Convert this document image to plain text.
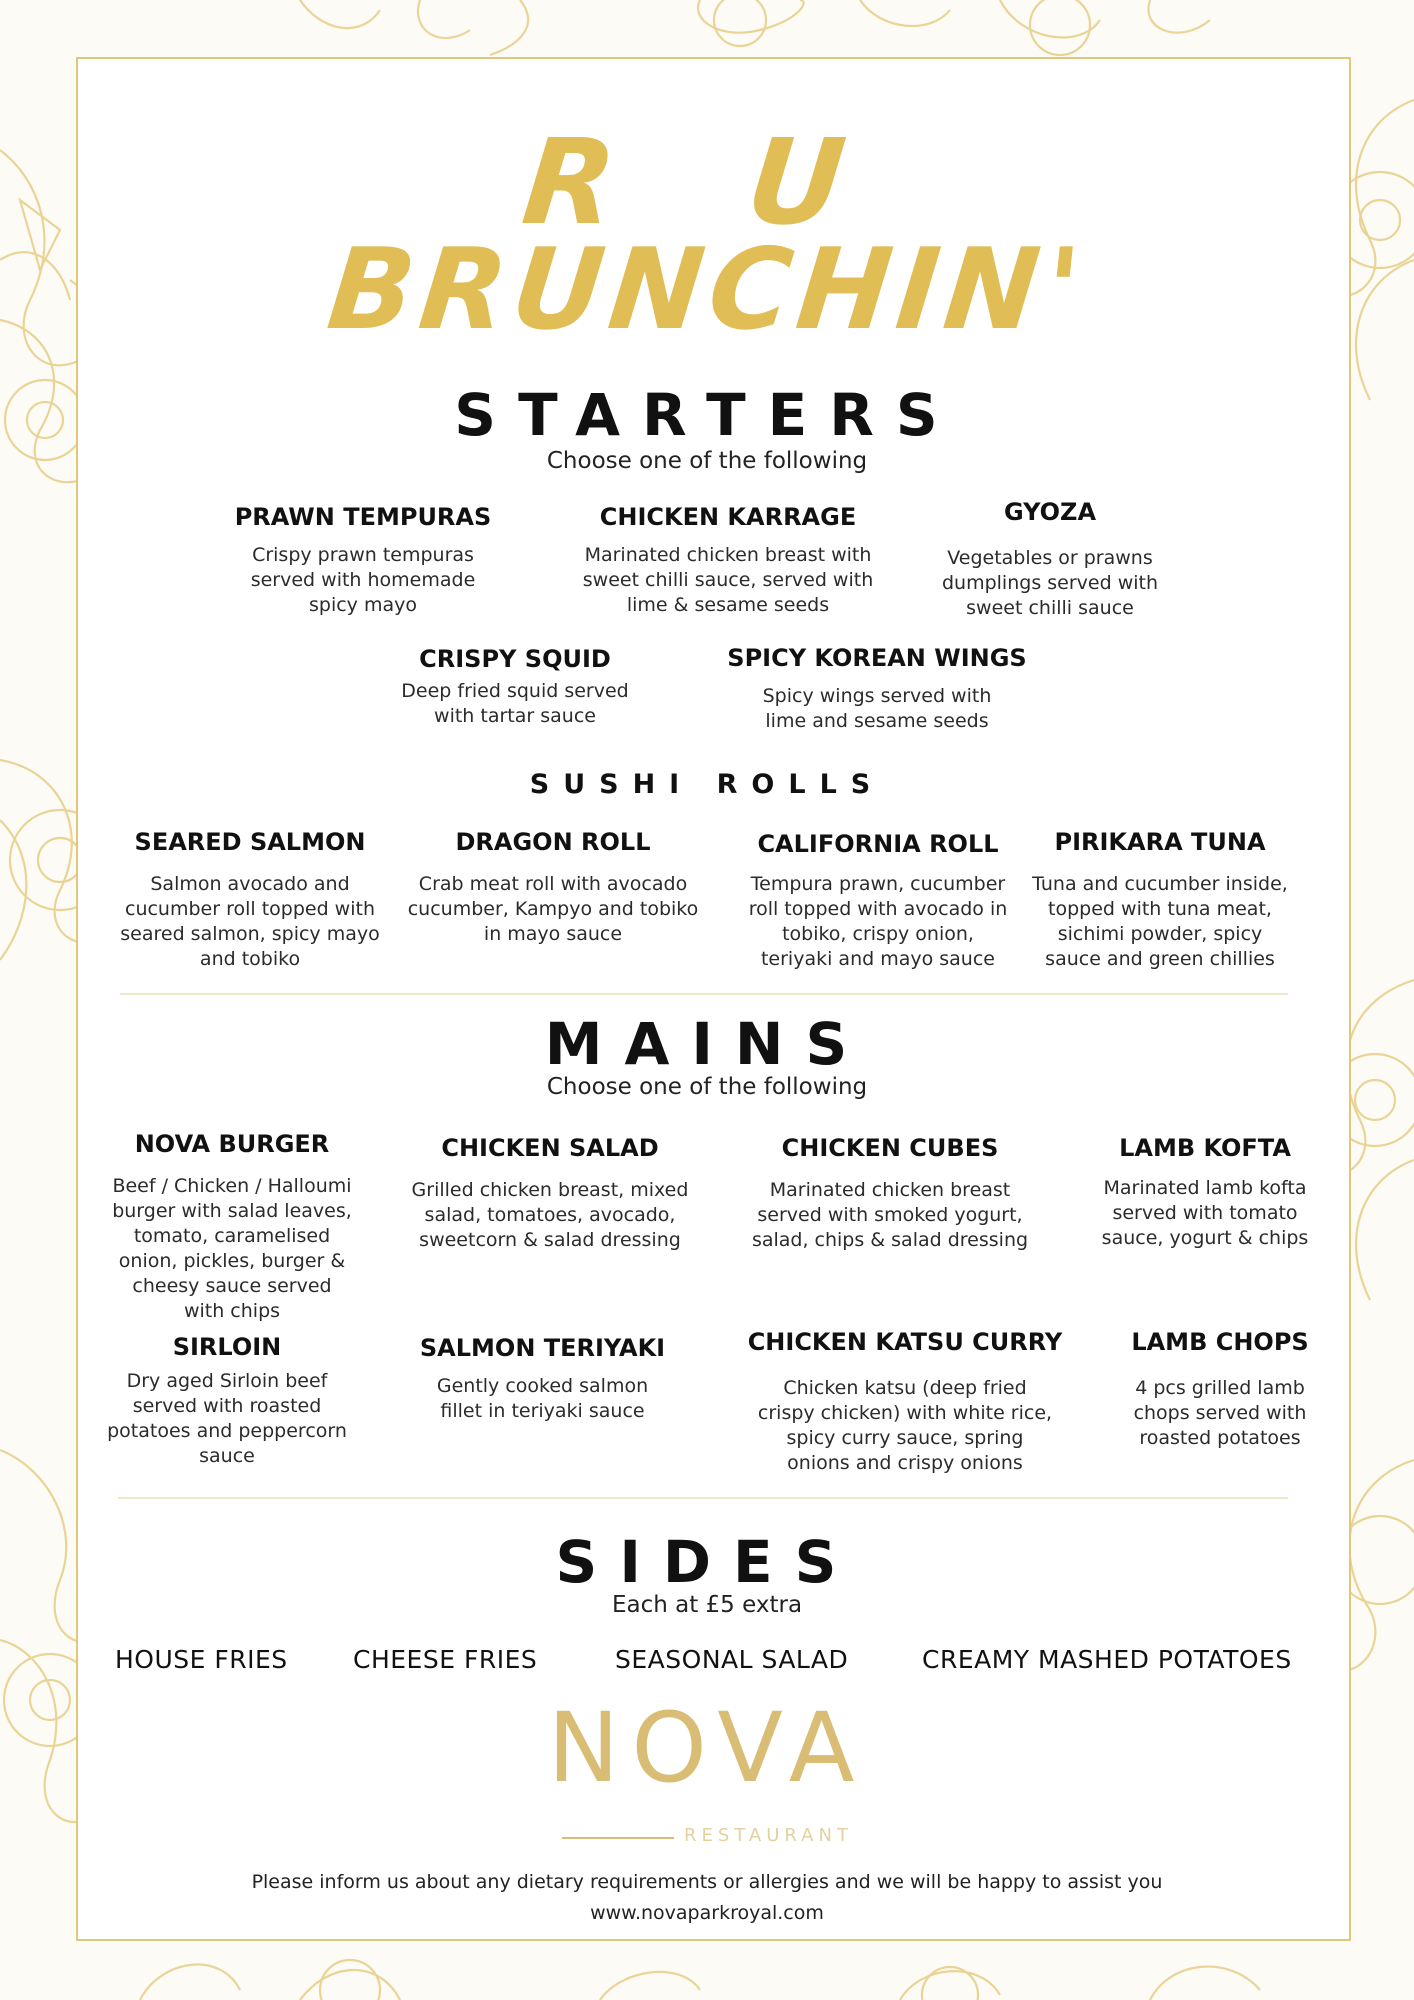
R U
BRUNCHIN'
STARTERS
Choose one of the following
PRAWN TEMPURAS
Crispy prawn tempuras served with homemade spicy mayo
CHICKEN KARRAGE
Marinated chicken breast with sweet chilli sauce, served with lime & sesame seeds
GYOZA
Vegetables or prawns dumplings served with sweet chilli sauce
CRISPY SQUID
Deep fried squid served with tartar sauce
SPICY KOREAN WINGS
Spicy wings served with lime and sesame seeds
SUSHI ROLLS
SEARED SALMON
Salmon avocado and cucumber roll topped with seared salmon, spicy mayo and tobiko
DRAGON ROLL
Crab meat roll with avocado cucumber, Kampyo and tobiko in mayo sauce
CALIFORNIA ROLL
Tempura prawn, cucumber roll topped with avocado in tobiko, crispy onion, teriyaki and mayo sauce
PIRIKARA TUNA
Tuna and cucumber inside, topped with tuna meat, sichimi powder, spicy sauce and green chillies
MAINS
Choose one of the following
NOVA BURGER
Beef / Chicken / Halloumi burger with salad leaves, tomato, caramelised onion, pickles, burger & cheesy sauce served with chips
CHICKEN SALAD
Grilled chicken breast, mixed salad, tomatoes, avocado, sweetcorn & salad dressing
CHICKEN CUBES
Marinated chicken breast served with smoked yogurt, salad, chips & salad dressing
LAMB KOFTA
Marinated lamb kofta served with tomato sauce, yogurt & chips
SIRLOIN
Dry aged Sirloin beef served with roasted potatoes and peppercorn sauce
SALMON TERIYAKI
Gently cooked salmon fillet in teriyaki sauce
CHICKEN KATSU CURRY
Chicken katsu (deep fried crispy chicken) with white rice, spicy curry sauce, spring onions and crispy onions
LAMB CHOPS
4 pcs grilled lamb chops served with roasted potatoes
SIDES
Each at £5 extra
HOUSE FRIES	CHEESE FRIES	SEASONAL SALAD	CREAMY MASHED POTATOES
NOVA
RESTAURANT
Please inform us about any dietary requirements or allergies and we will be happy to assist you
www.novaparkroyal.com
